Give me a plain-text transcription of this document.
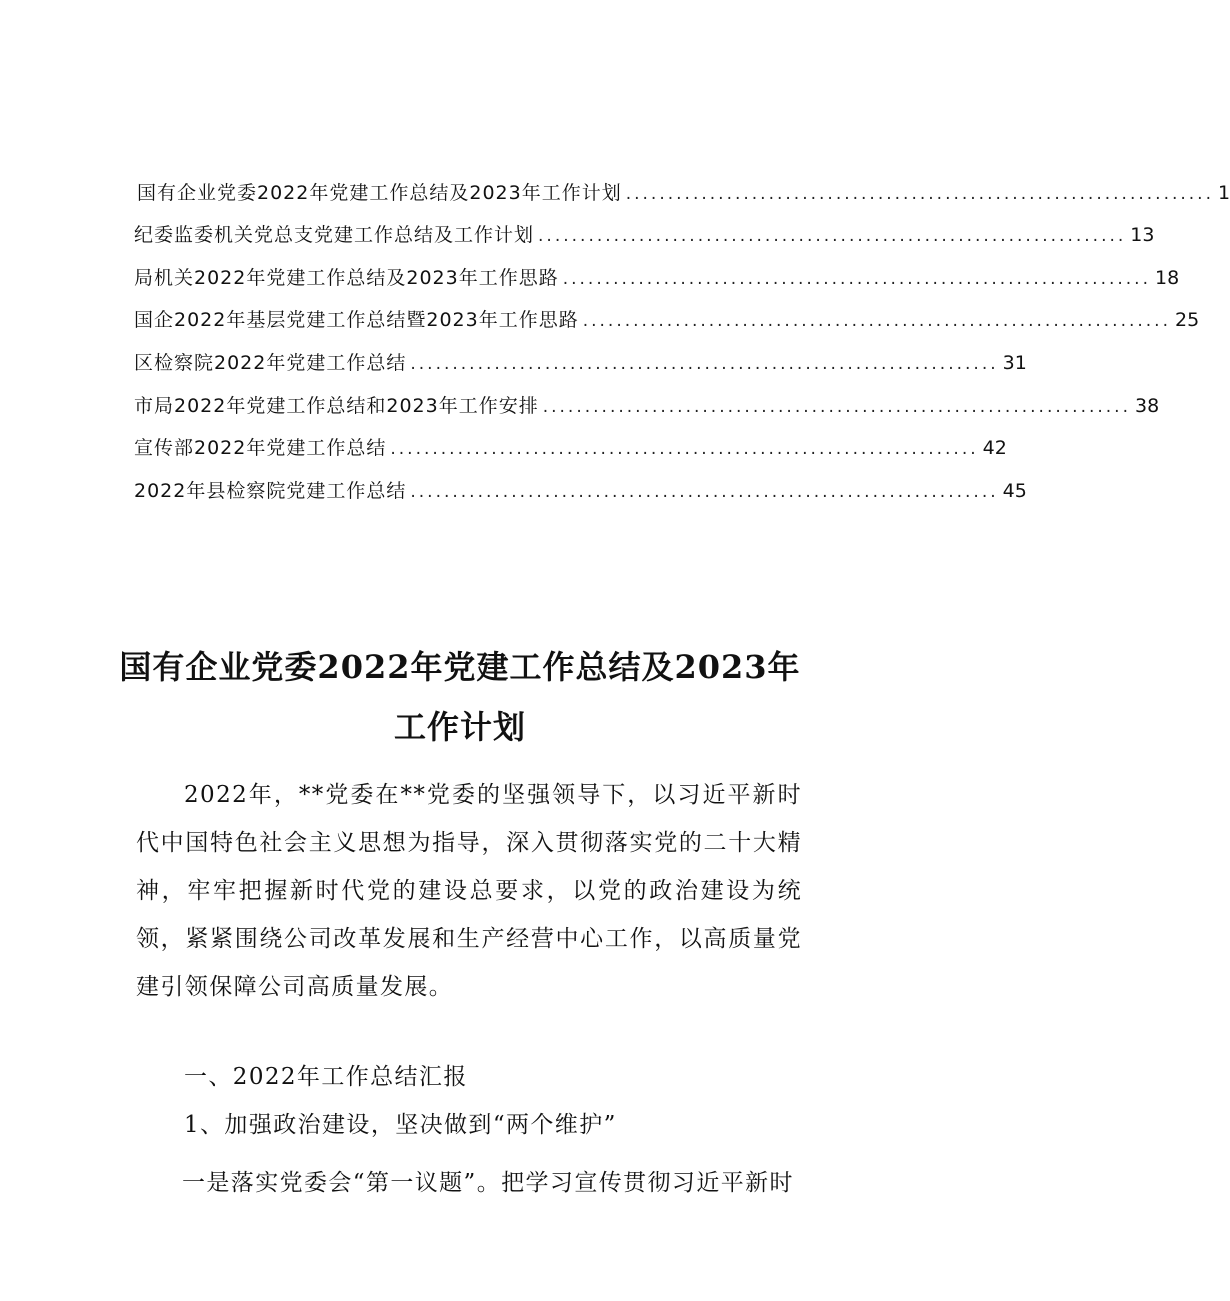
国有企业党委2022年党建工作总结及2023年工作计划 ...................................................................... 1
纪委监委机关党总支党建工作总结及工作计划 ...................................................................... 13
局机关2022年党建工作总结及2023年工作思路 ...................................................................... 18
国企2022年基层党建工作总结暨2023年工作思路 ...................................................................... 25
区检察院2022年党建工作总结 ...................................................................... 31
市局2022年党建工作总结和2023年工作安排 ...................................................................... 38
宣传部2022年党建工作总结 ...................................................................... 42
2022年县检察院党建工作总结 ...................................................................... 45
国有企业党委2022年党建工作总结及2023年工作计划

2022年，**党委在**党委的坚强领导下，以习近平新时代中国特色社会主义思想为指导，深入贯彻落实党的二十大精神，牢牢把握新时代党的建设总要求，以党的政治建设为统领，紧紧围绕公司改革发展和生产经营中心工作，以高质量党建引领保障公司高质量发展。

一、2022年工作总结汇报

1、加强政治建设，坚决做到“两个维护”

一是落实党委会“第一议题”。把学习宣传贯彻习近平新时
